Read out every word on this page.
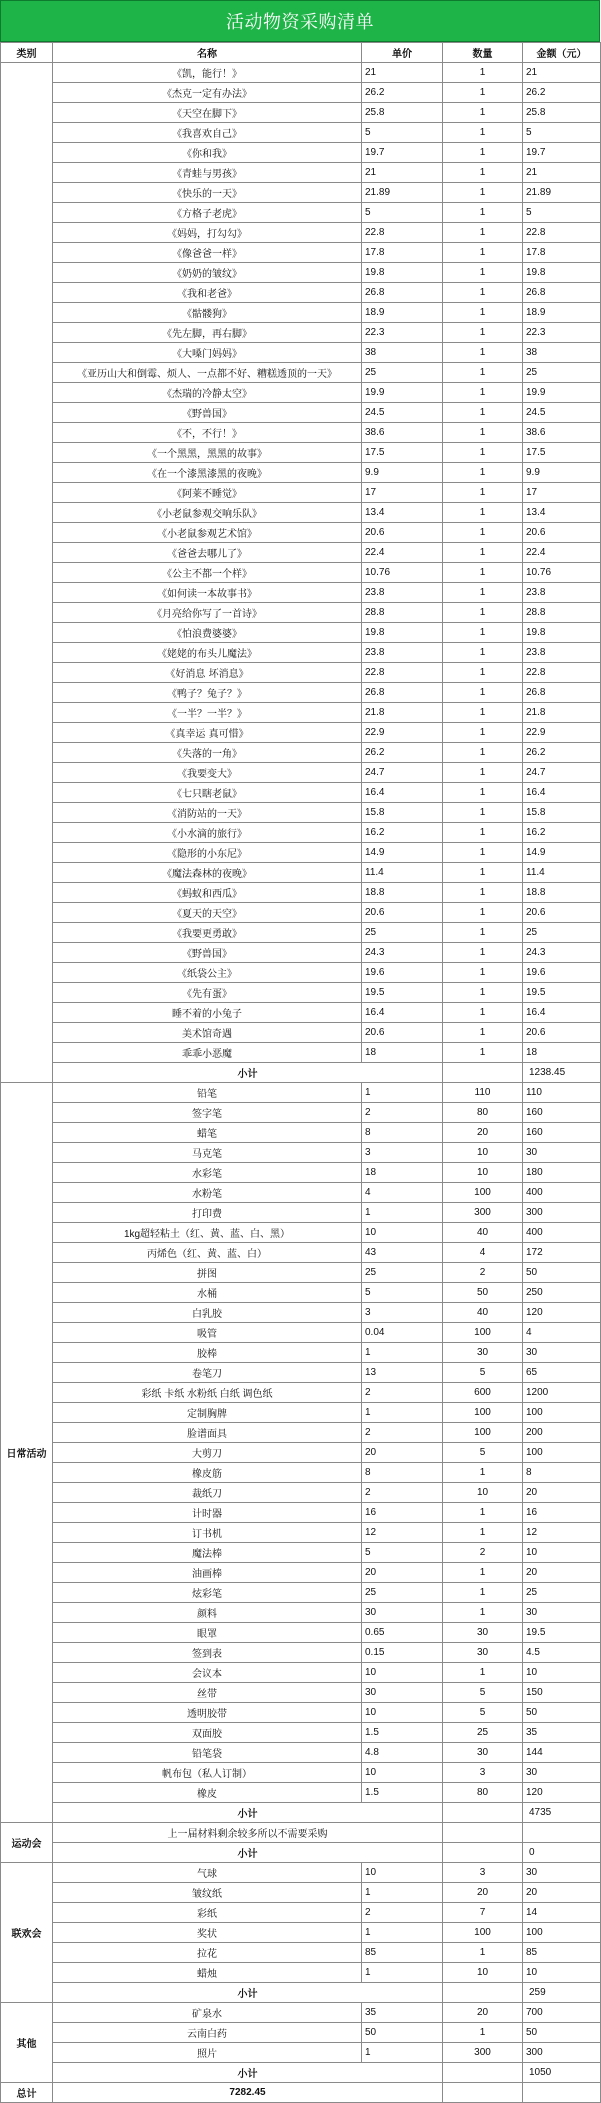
活动物资采购清单
类别	名称	单价	数量	金额（元）
	《凯，能行！》	21	1	21
	《杰克一定有办法》	26.2	1	26.2
	《天空在脚下》	25.8	1	25.8
	《我喜欢自己》	5	1	5
	《你和我》	19.7	1	19.7
	《青蛙与男孩》	21	1	21
	《快乐的一天》	21.89	1	21.89
	《方格子老虎》	5	1	5
	《妈妈，打勾勾》	22.8	1	22.8
	《像爸爸一样》	17.8	1	17.8
	《奶奶的皱纹》	19.8	1	19.8
	《我和老爸》	26.8	1	26.8
	《骷髅狗》	18.9	1	18.9
	《先左脚，再右脚》	22.3	1	22.3
	《大嗓门妈妈》	38	1	38
	《亚历山大和倒霉、烦人、一点都不好、糟糕透顶的一天》	25	1	25
	《杰瑞的冷静太空》	19.9	1	19.9
	《野兽国》	24.5	1	24.5
	《不，不行！》	38.6	1	38.6
	《一个黑黑，黑黑的故事》	17.5	1	17.5
	《在一个漆黑漆黑的夜晚》	9.9	1	9.9
	《阿莱不睡觉》	17	1	17
	《小老鼠参观交响乐队》	13.4	1	13.4
	《小老鼠参观艺术馆》	20.6	1	20.6
	《爸爸去哪儿了》	22.4	1	22.4
	《公主不都一个样》	10.76	1	10.76
	《如何读一本故事书》	23.8	1	23.8
	《月亮给你写了一首诗》	28.8	1	28.8
	《怕浪费婆婆》	19.8	1	19.8
	《姥姥的布头儿魔法》	23.8	1	23.8
	《好消息 坏消息》	22.8	1	22.8
	《鸭子？兔子？》	26.8	1	26.8
	《一半？一半？》	21.8	1	21.8
	《真幸运 真可惜》	22.9	1	22.9
	《失落的一角》	26.2	1	26.2
	《我要变大》	24.7	1	24.7
	《七只瞎老鼠》	16.4	1	16.4
	《消防站的一天》	15.8	1	15.8
	《小水滴的旅行》	16.2	1	16.2
	《隐形的小东尼》	14.9	1	14.9
	《魔法森林的夜晚》	11.4	1	11.4
	《蚂蚁和西瓜》	18.8	1	18.8
	《夏天的天空》	20.6	1	20.6
	《我要更勇敢》	25	1	25
	《野兽国》	24.3	1	24.3
	《纸袋公主》	19.6	1	19.6
	《先有蛋》	19.5	1	19.5
	睡不着的小兔子	16.4	1	16.4
	美术馆奇遇	20.6	1	20.6
	乖乖小恶魔	18	1	18
	小计			1238.45
日常活动	铅笔	1	110	110
	签字笔	2	80	160
	蜡笔	8	20	160
	马克笔	3	10	30
	水彩笔	18	10	180
	水粉笔	4	100	400
	打印费	1	300	300
	1kg超轻粘土（红、黄、蓝、白、黑）	10	40	400
	丙烯色（红、黄、蓝、白）	43	4	172
	拼图	25	2	50
	水桶	5	50	250
	白乳胶	3	40	120
	吸管	0.04	100	4
	胶棒	1	30	30
	卷笔刀	13	5	65
	彩纸 卡纸 水粉纸 白纸 调色纸	2	600	1200
	定制胸牌	1	100	100
	脸谱面具	2	100	200
	大剪刀	20	5	100
	橡皮筋	8	1	8
	裁纸刀	2	10	20
	计时器	16	1	16
	订书机	12	1	12
	魔法棒	5	2	10
	油画棒	20	1	20
	炫彩笔	25	1	25
	颜料	30	1	30
	眼罩	0.65	30	19.5
	签到表	0.15	30	4.5
	会议本	10	1	10
	丝带	30	5	150
	透明胶带	10	5	50
	双面胶	1.5	25	35
	铅笔袋	4.8	30	144
	帆布包（私人订制）	10	3	30
	橡皮	1.5	80	120
	小计			4735
运动会	上一届材料剩余较多所以不需要采购			
	小计			0
联欢会	气球	10	3	30
	皱纹纸	1	20	20
	彩纸	2	7	14
	奖状	1	100	100
	拉花	85	1	85
	蜡烛	1	10	10
	小计			259
其他	矿泉水	35	20	700
	云南白药	50	1	50
	照片	1	300	300
	小计			1050
总计	7282.45			
